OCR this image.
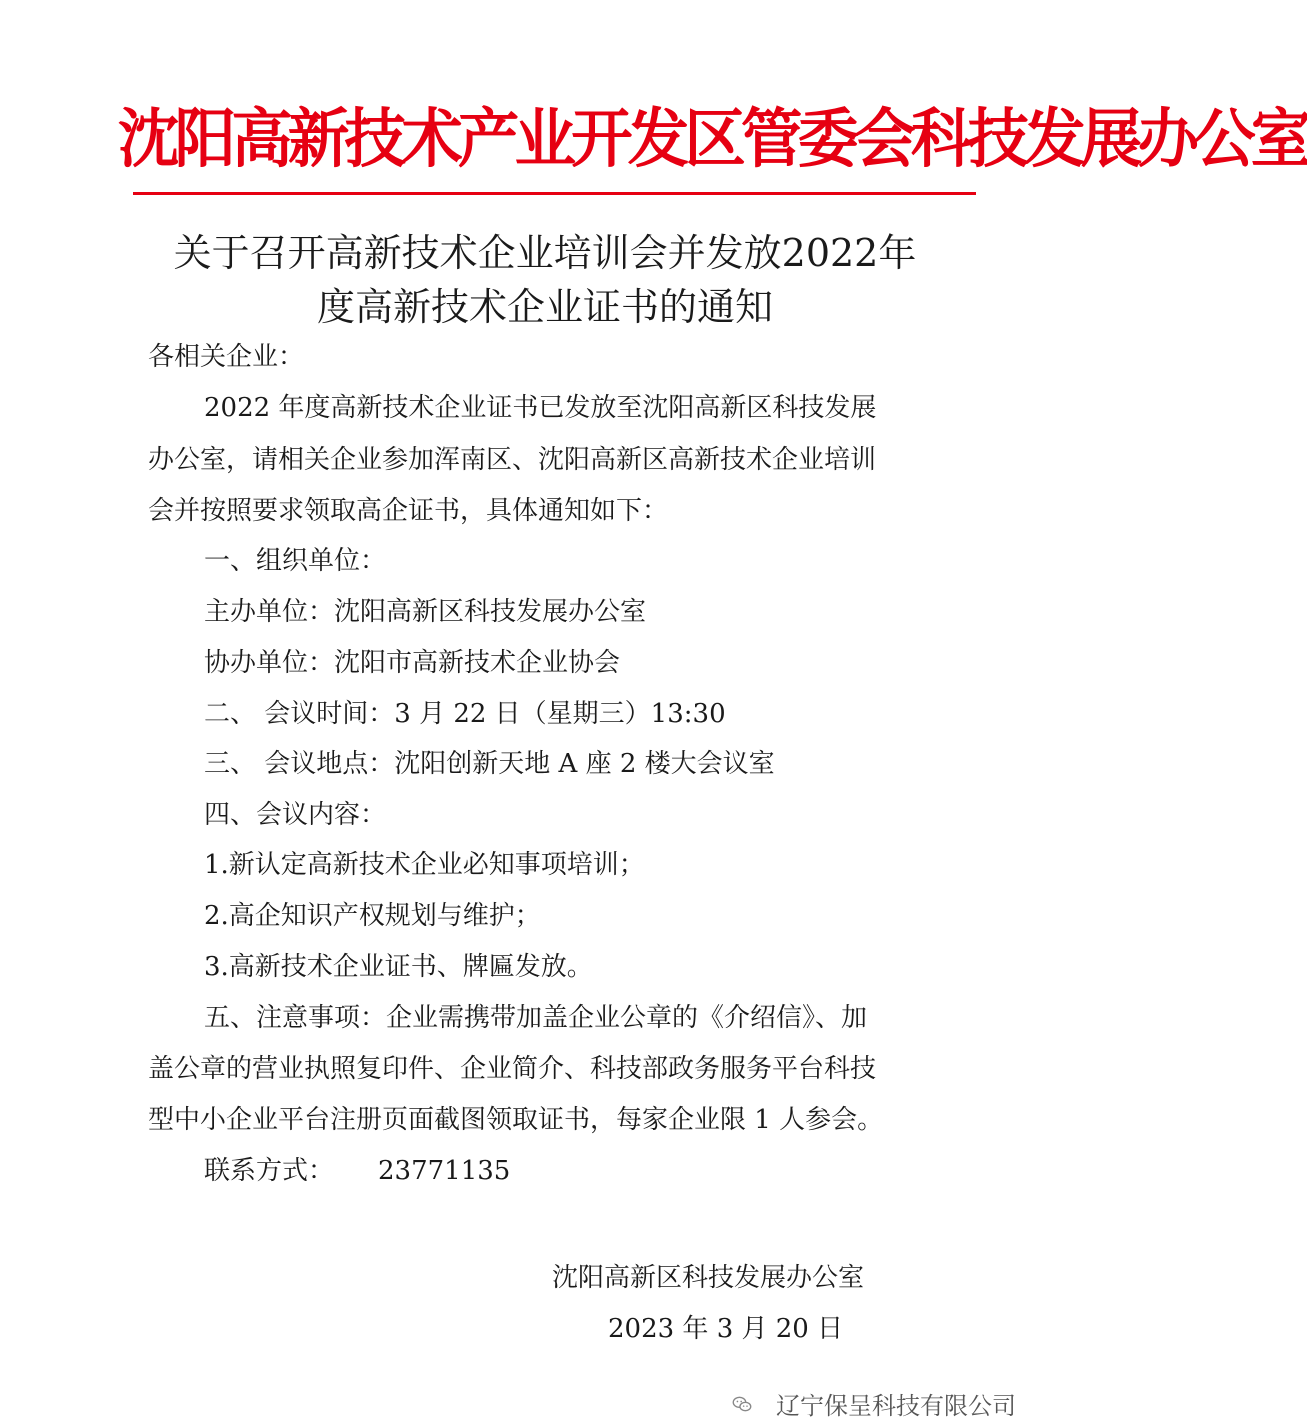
沈阳高新技术产业开发区管委会科技发展办公室
关于召开高新技术企业培训会并发放2022年
度高新技术企业证书的通知
各相关企业：
2022 年度高新技术企业证书已发放至沈阳高新区科技发展
办公室，请相关企业参加浑南区、沈阳高新区高新技术企业培训
会并按照要求领取高企证书，具体通知如下：
一、组织单位：
主办单位：沈阳高新区科技发展办公室
协办单位：沈阳市高新技术企业协会
二、 会议时间：3 月 22 日（星期三）13:30
三、 会议地点：沈阳创新天地 A 座 2 楼大会议室
四、会议内容：
1.新认定高新技术企业必知事项培训；
2.高企知识产权规划与维护；
3.高新技术企业证书、牌匾发放。
五、注意事项：企业需携带加盖企业公章的《介绍信》、加
盖公章的营业执照复印件、企业简介、科技部政务服务平台科技
型中小企业平台注册页面截图领取证书，每家企业限 1 人参会。
联系方式： 23771135
沈阳高新区科技发展办公室
2023 年 3 月 20 日
辽宁保呈科技有限公司
